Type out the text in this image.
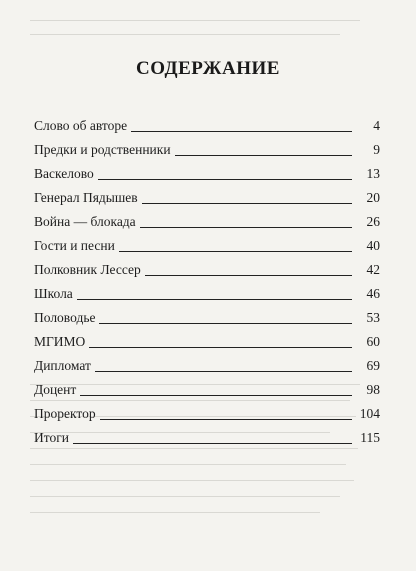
СОДЕРЖАНИЕ
Слово об авторе	4
Предки и родственники	9
Васкелово	13
Генерал Пядышев	20
Война — блокада	26
Гости и песни	40
Полковник Лессер	42
Школа	46
Половодье	53
МГИМО	60
Дипломат	69
Доцент	98
Проректор	104
Итоги	115
